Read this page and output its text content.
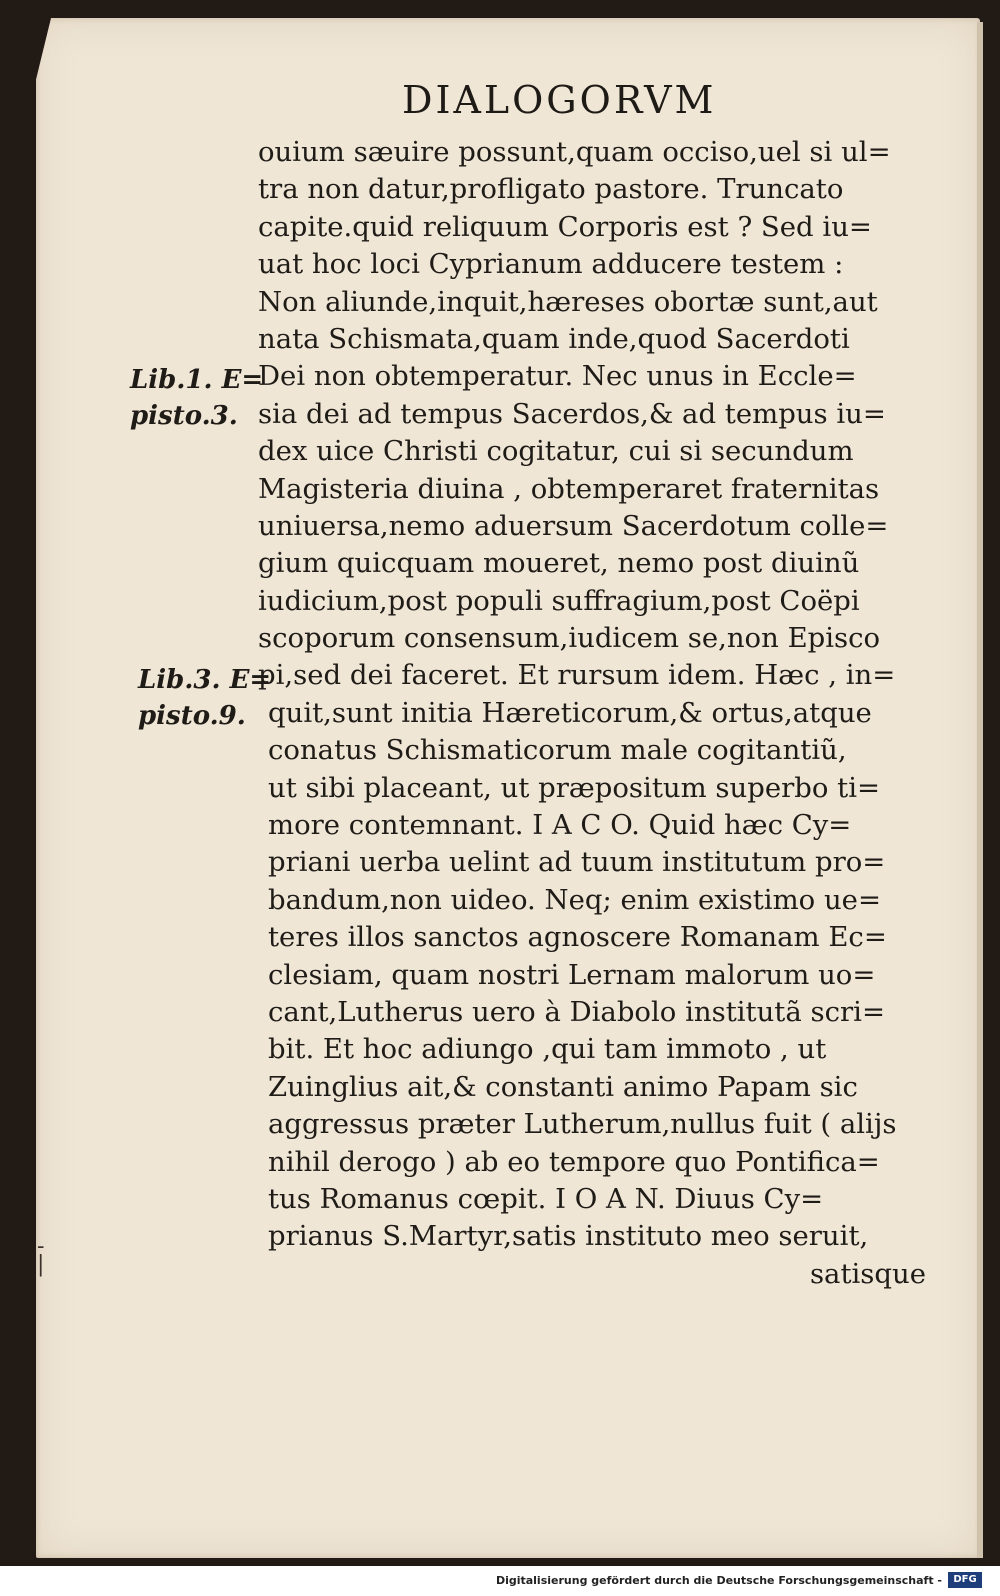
DIALOGORVM
ouium sæuire possunt,quam occiso,uel si ul=
tra non datur,profligato pastore. Truncato
capite.quid reliquum Corporis est ? Sed iu=
uat hoc loci Cyprianum adducere testem :
Non aliunde,inquit,hæreses obortæ sunt,aut
nata Schismata,quam inde,quod Sacerdoti
Dei non obtemperatur. Nec unus in Eccle=
sia dei ad tempus Sacerdos,& ad tempus iu=
dex uice Christi cogitatur, cui si secundum
Magisteria diuina , obtemperaret fraternitas
uniuersa,nemo aduersum Sacerdotum colle=
gium quicquam moueret, nemo post diuinũ
iudicium,post populi suffragium,post Coëpi
scoporum consensum,iudicem se,non Episco
pi,sed dei faceret. Et rursum idem. Hæc , in=
quit,sunt initia Hæreticorum,& ortus,atque
conatus Schismaticorum male cogitantiũ,
ut sibi placeant, ut præpositum superbo ti=
more contemnant. I A C O. Quid hæc Cy=
priani uerba uelint ad tuum institutum pro=
bandum,non uideo. Neq; enim existimo ue=
teres illos sanctos agnoscere Romanam Ec=
clesiam, quam nostri Lernam malorum uo=
cant,Lutherus uero à Diabolo institutã scri=
bit. Et hoc adiungo ,qui tam immoto , ut
Zuinglius ait,& constanti animo Papam sic
aggressus præter Lutherum,nullus fuit ( alijs
nihil derogo ) ab eo tempore quo Pontifica=
tus Romanus cœpit. I O A N. Diuus Cy=
prianus S.Martyr,satis instituto meo seruit,
satisque
Lib.1. E=
pisto.3.
Lib.3. E=
pisto.9.
‑
|
Digitalisierung gefördert durch die Deutsche Forschungsgemeinschaft -	DFG
